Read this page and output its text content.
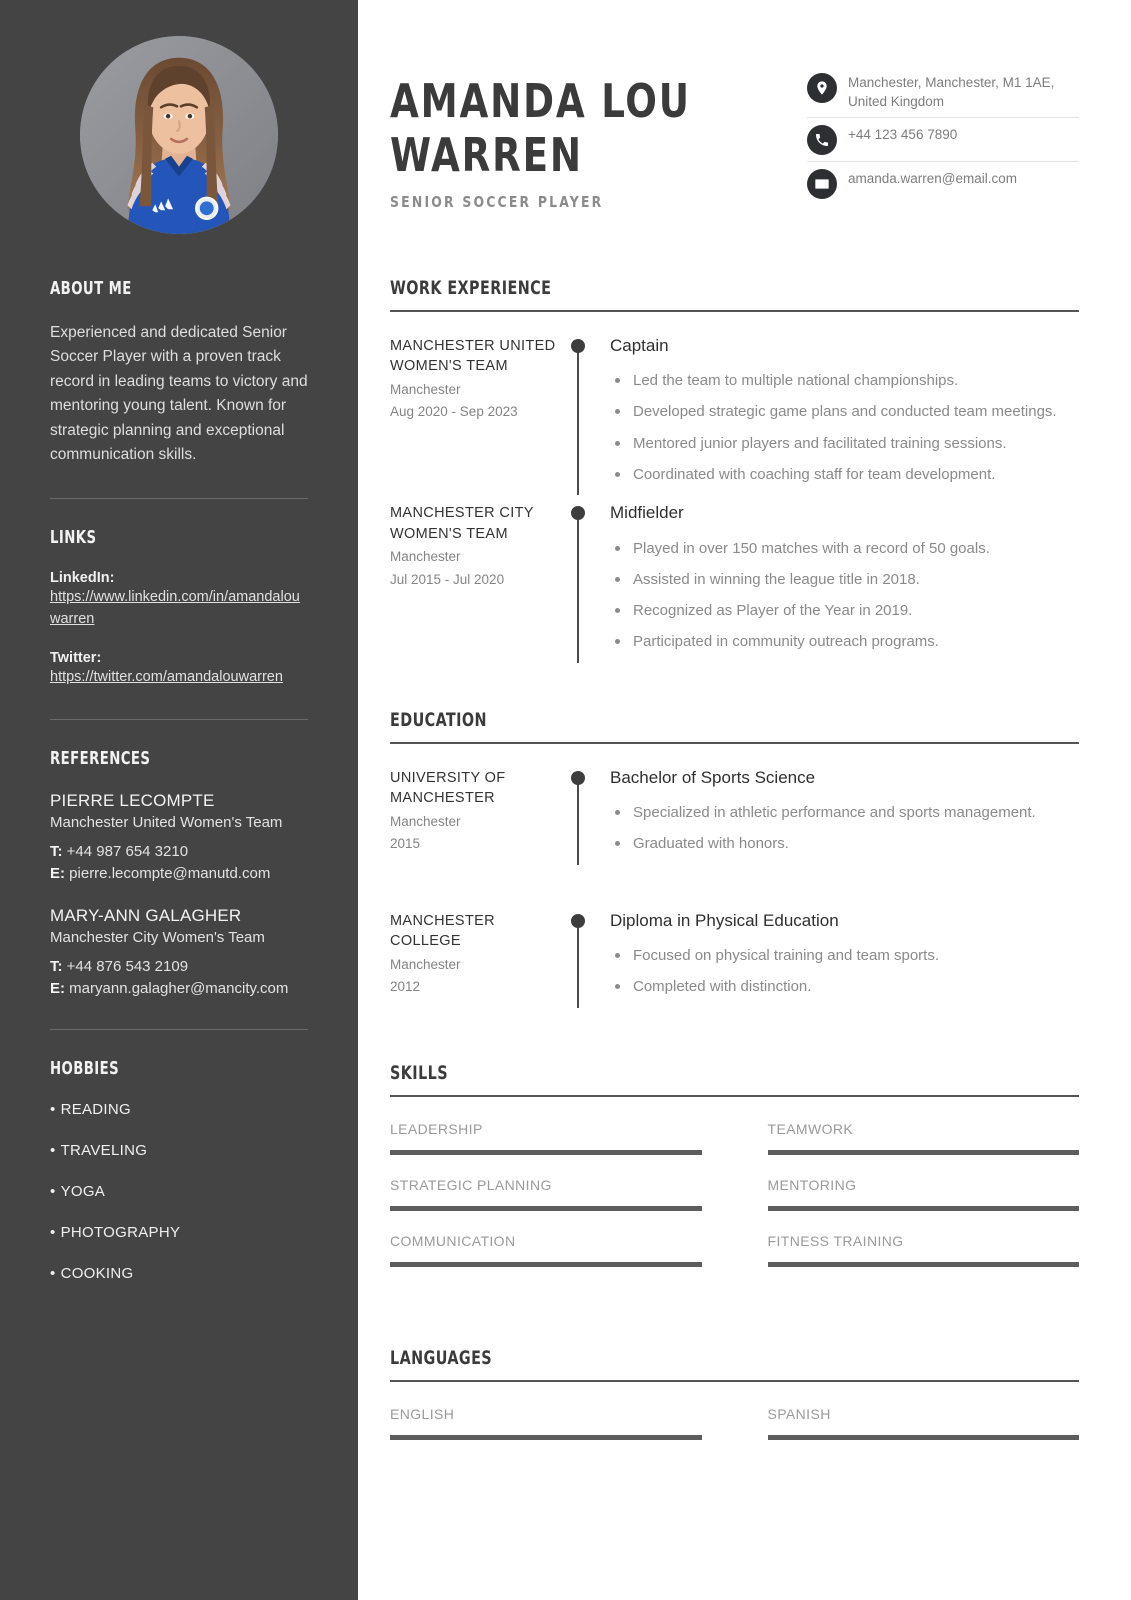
ABOUT ME

Experienced and dedicated Senior Soccer Player with a proven track record in leading teams to victory and mentoring young talent. Known for strategic planning and exceptional communication skills.

LINKS
LinkedIn:
https://www.linkedin.com/in/amandalouwarren
Twitter:
https://twitter.com/amandalouwarren
REFERENCES
PIERRE LECOMPTE
Manchester United Women's Team
T: +44 987 654 3210
E: pierre.lecompte@manutd.com
MARY-ANN GALAGHER
Manchester City Women's Team
T: +44 876 543 2109
E: maryann.galagher@mancity.com
HOBBIES
• READING
• TRAVELING
• YOGA
• PHOTOGRAPHY
• COOKING
AMANDA LOU
WARREN
SENIOR SOCCER PLAYER
Manchester, Manchester, M1 1AE, United Kingdom
+44 123 456 7890
amanda.warren@email.com
WORK EXPERIENCE
MANCHESTER UNITED WOMEN'S TEAM
Manchester
Aug 2020 - Sep 2023
Captain
Led the team to multiple national championships.
Developed strategic game plans and conducted team meetings.
Mentored junior players and facilitated training sessions.
Coordinated with coaching staff for team development.
MANCHESTER CITY WOMEN'S TEAM
Manchester
Jul 2015 - Jul 2020
Midfielder
Played in over 150 matches with a record of 50 goals.
Assisted in winning the league title in 2018.
Recognized as Player of the Year in 2019.
Participated in community outreach programs.
EDUCATION
UNIVERSITY OF MANCHESTER
Manchester
2015
Bachelor of Sports Science
Specialized in athletic performance and sports management.
Graduated with honors.
MANCHESTER COLLEGE
Manchester
2012
Diploma in Physical Education
Focused on physical training and team sports.
Completed with distinction.
SKILLS
LEADERSHIP	TEAMWORK
STRATEGIC PLANNING	MENTORING
COMMUNICATION	FITNESS TRAINING
LANGUAGES
ENGLISH	SPANISH
